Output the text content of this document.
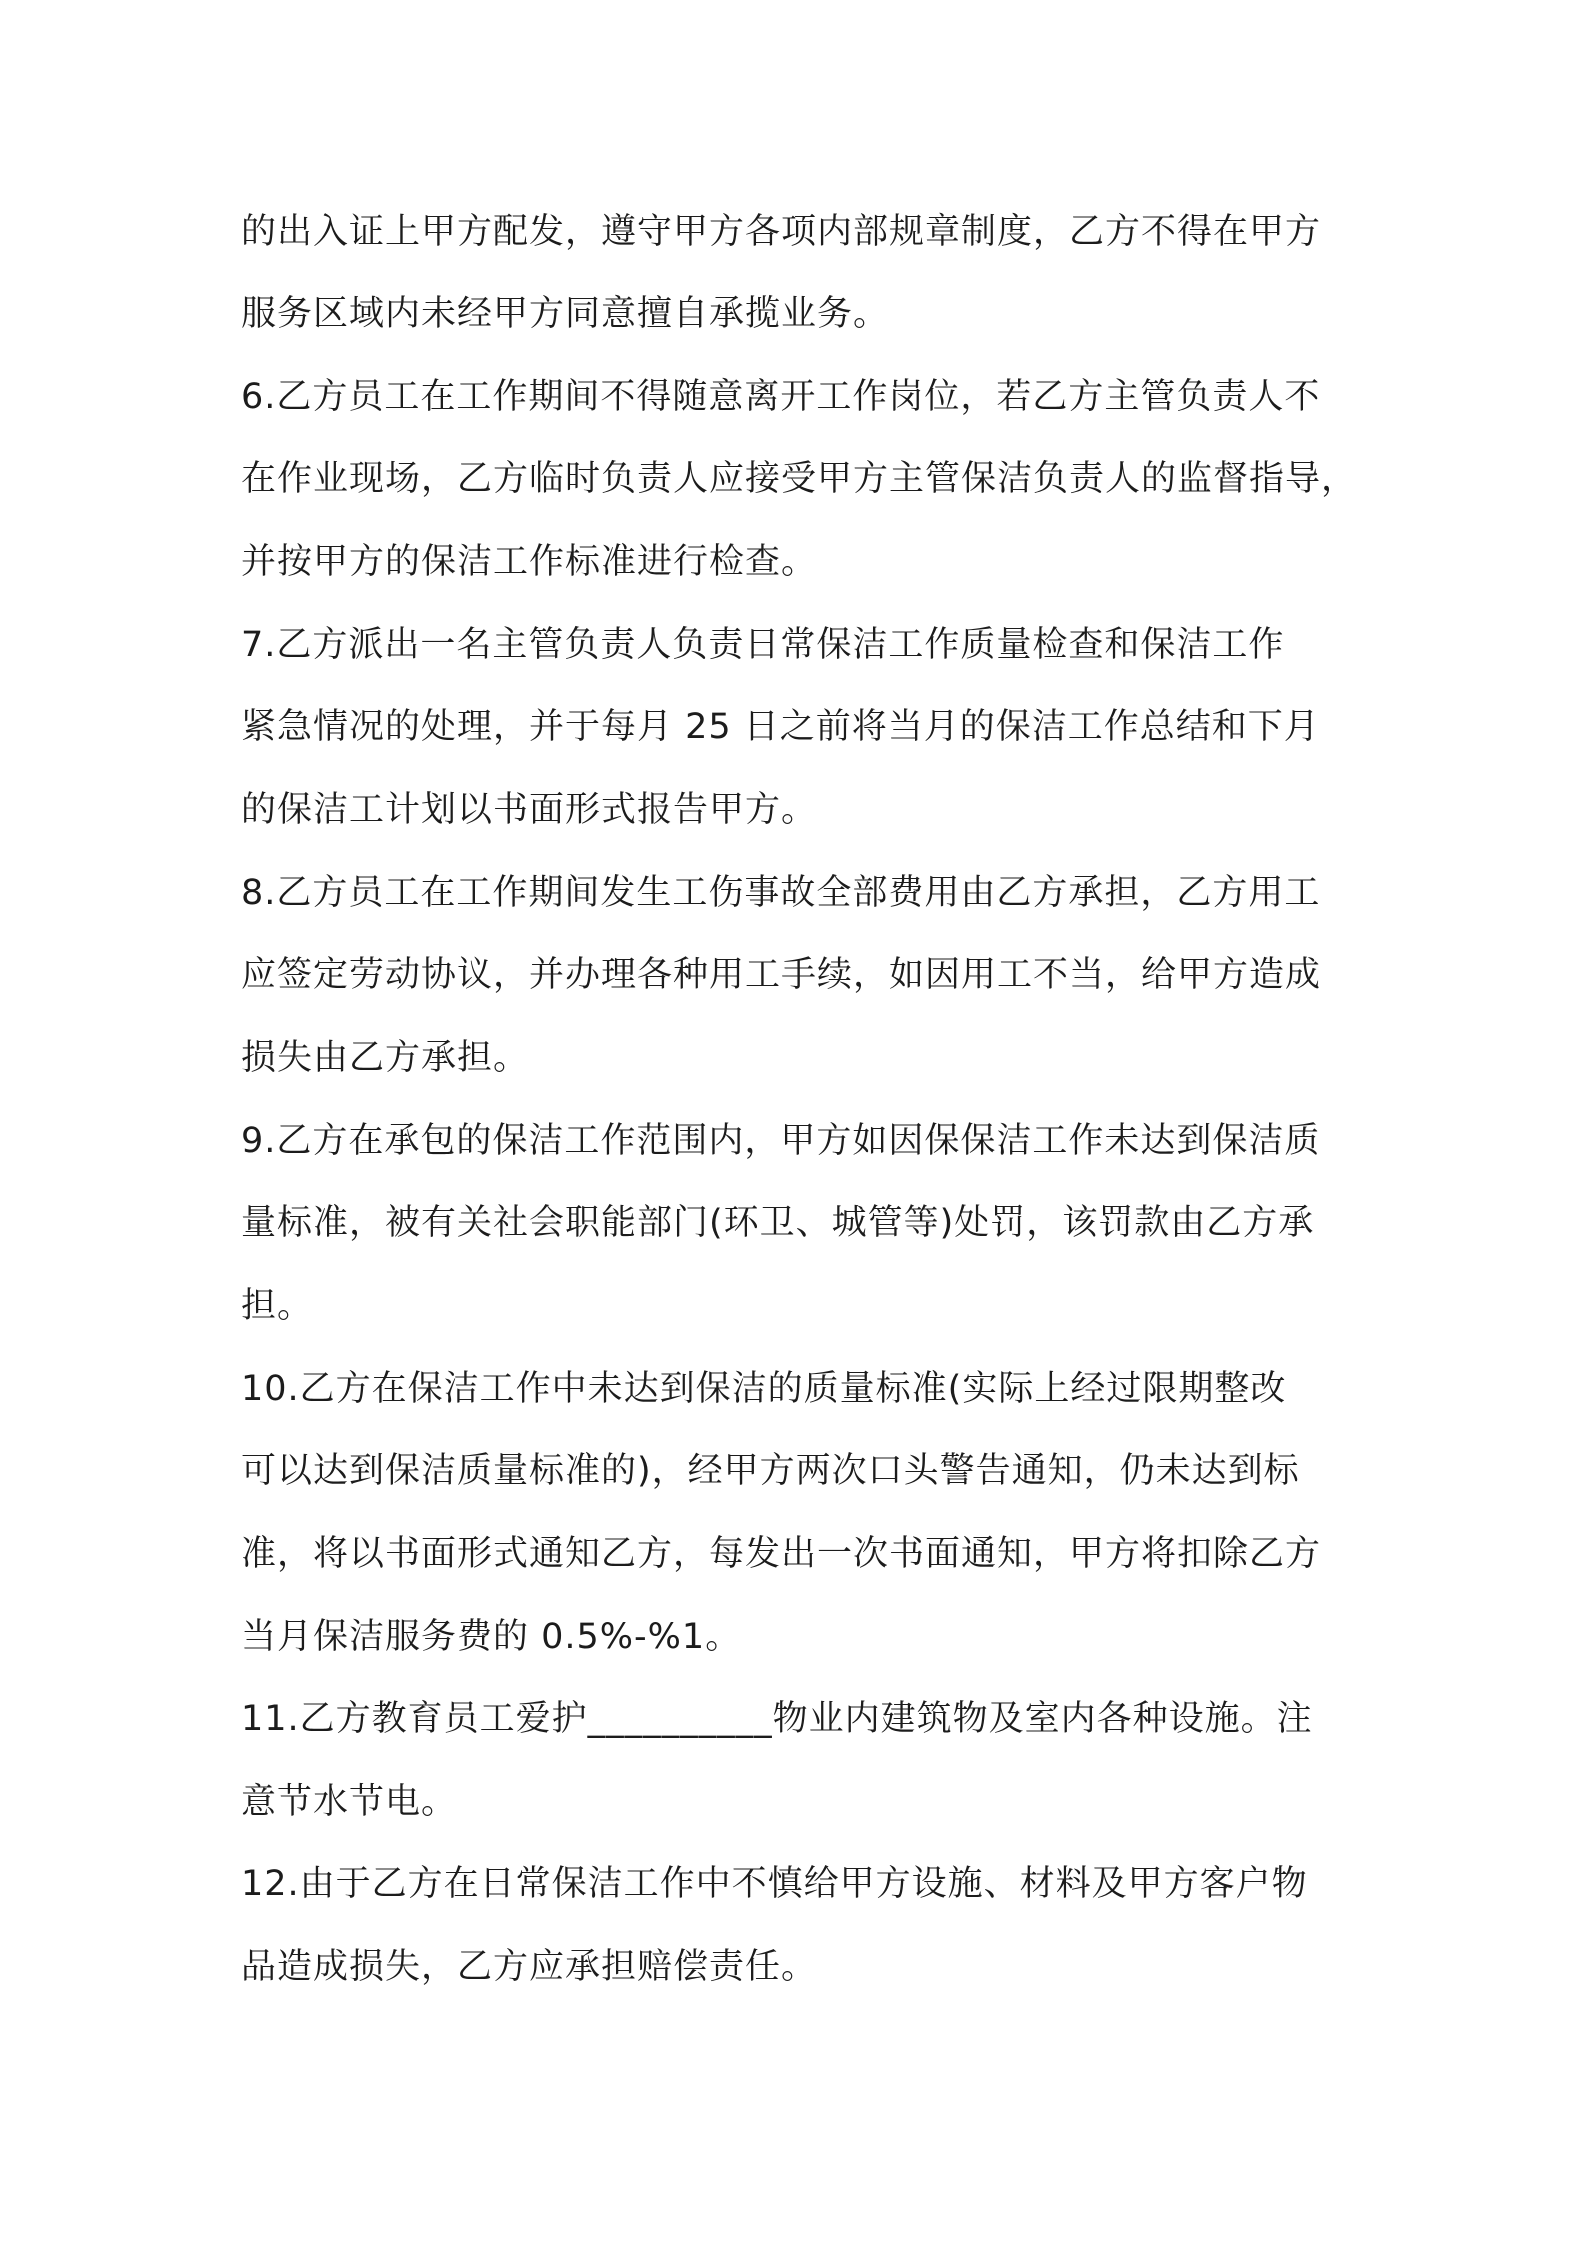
的出入证上甲方配发，遵守甲方各项内部规章制度，乙方不得在甲方
服务区域内未经甲方同意擅自承揽业务。
6.乙方员工在工作期间不得随意离开工作岗位，若乙方主管负责人不
在作业现场，乙方临时负责人应接受甲方主管保洁负责人的监督指导，
并按甲方的保洁工作标准进行检查。
7.乙方派出一名主管负责人负责日常保洁工作质量检查和保洁工作
紧急情况的处理，并于每月 25 日之前将当月的保洁工作总结和下月
的保洁工计划以书面形式报告甲方。
8.乙方员工在工作期间发生工伤事故全部费用由乙方承担，乙方用工
应签定劳动协议，并办理各种用工手续，如因用工不当，给甲方造成
损失由乙方承担。
9.乙方在承包的保洁工作范围内，甲方如因保保洁工作未达到保洁质
量标准，被有关社会职能部门(环卫、城管等)处罚，该罚款由乙方承
担。
10.乙方在保洁工作中未达到保洁的质量标准(实际上经过限期整改
可以达到保洁质量标准的)，经甲方两次口头警告通知，仍未达到标
准，将以书面形式通知乙方，每发出一次书面通知，甲方将扣除乙方
当月保洁服务费的 0.5%-%1。
11.乙方教育员工爱护__________物业内建筑物及室内各种设施。注
意节水节电。
12.由于乙方在日常保洁工作中不慎给甲方设施、材料及甲方客户物
品造成损失，乙方应承担赔偿责任。
